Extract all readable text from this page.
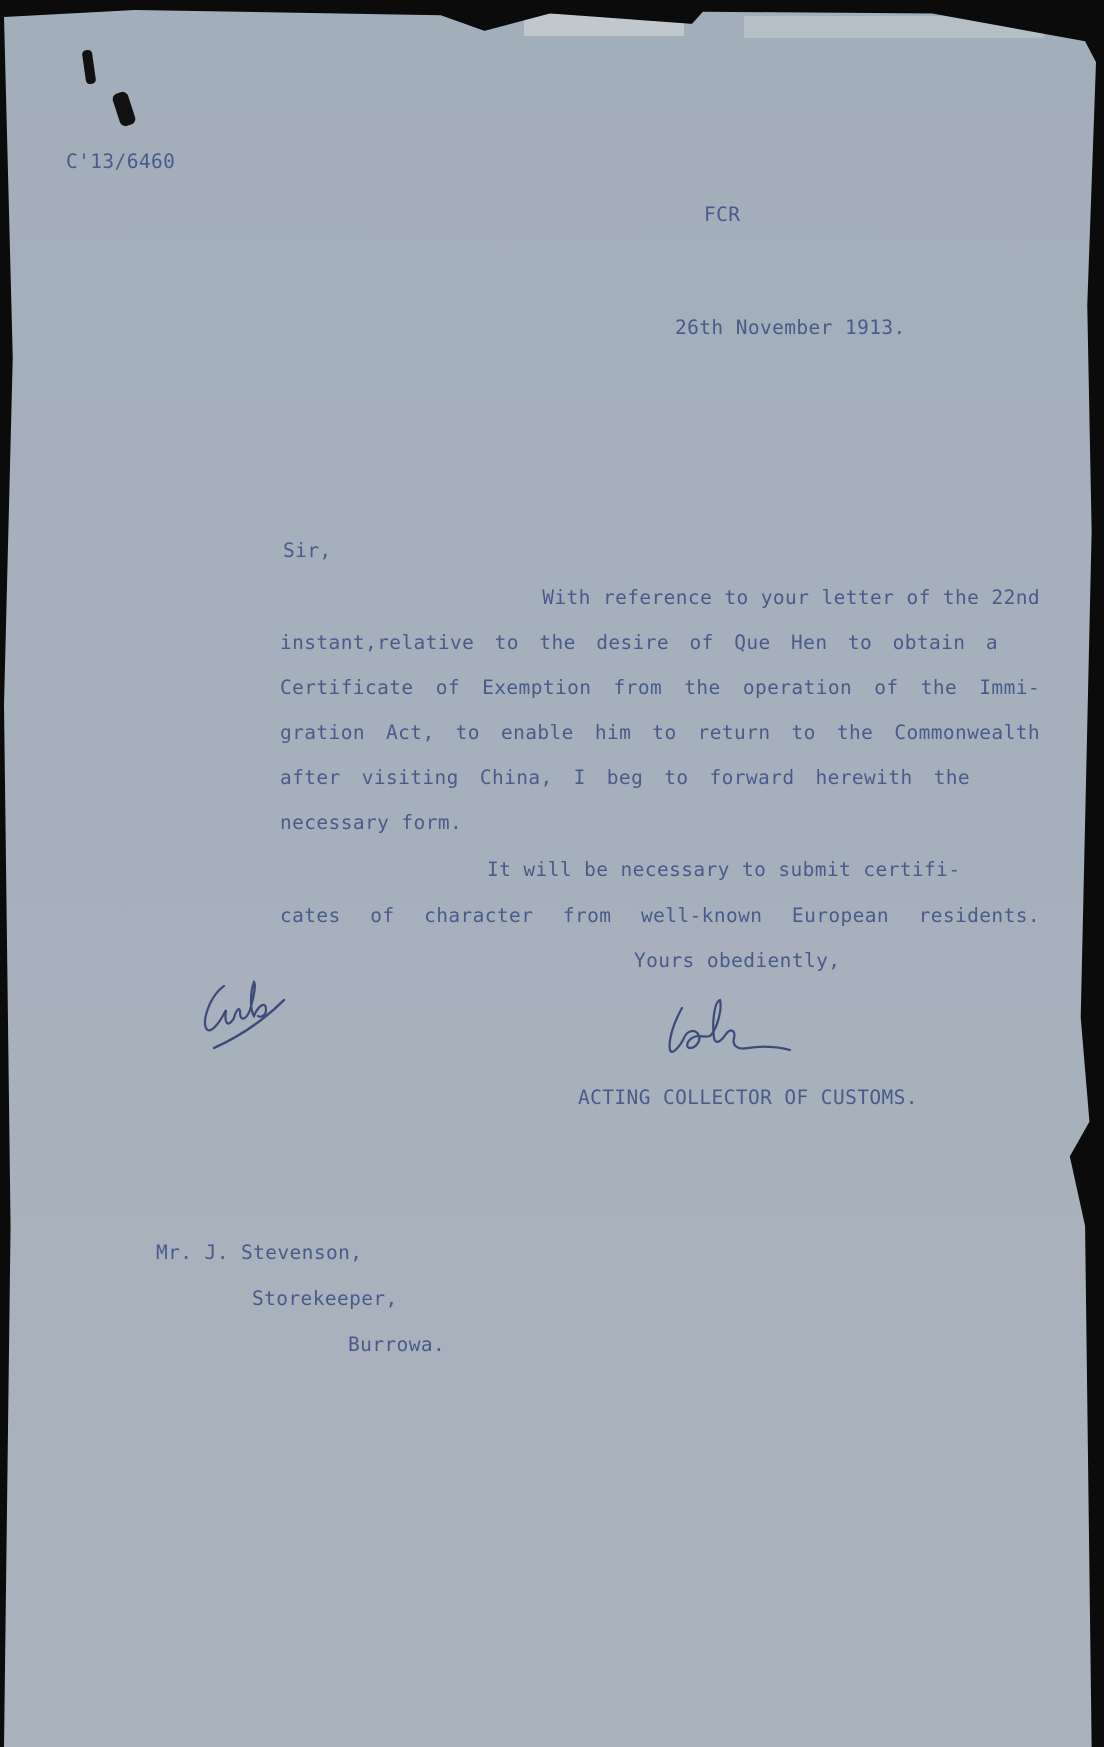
C'13/6460
FCR
26th November 1913.
Sir,
With reference to your letter of the 22nd
instant,relative to the desire of Que Hen to obtain a
Certificate of Exemption from the operation of the Immi-
gration Act, to enable him to return to the Commonwealth
after visiting China, I beg to forward herewith the
necessary form.
It will be necessary to submit certifi-
cates of character from well-known European residents.
Yours obediently,
ACTING COLLECTOR OF CUSTOMS.
Mr. J. Stevenson,
Storekeeper,
Burrowa.
